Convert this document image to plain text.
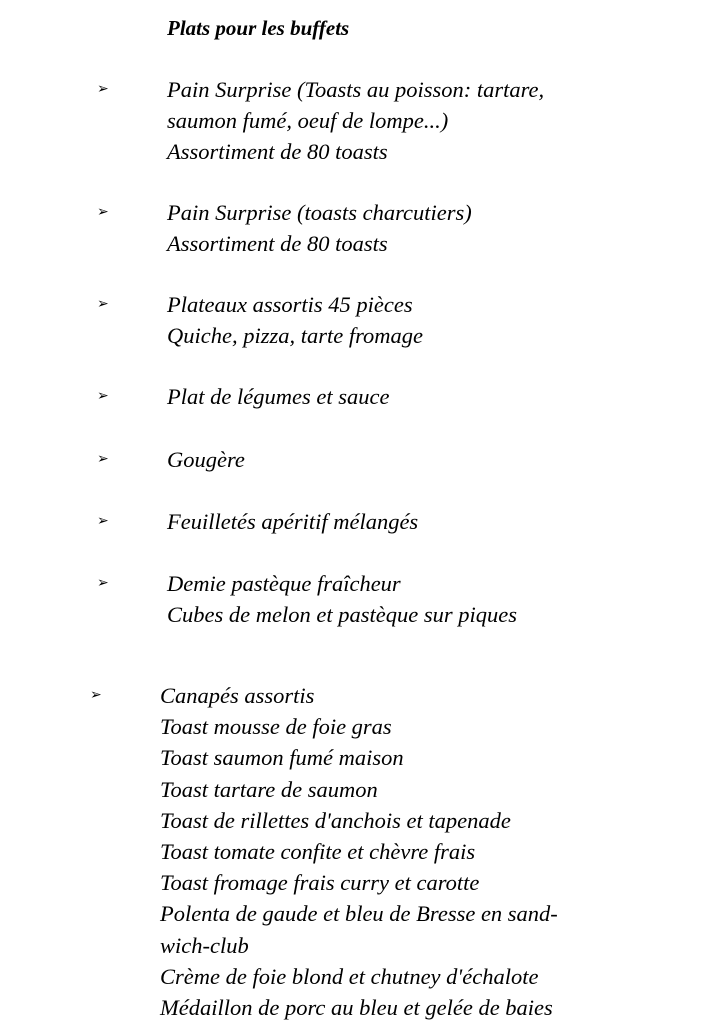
Plats pour les buffets
➢	Pain Surprise (Toasts au poisson: tartare,
saumon fumé, oeuf de lompe...)
Assortiment de 80 toasts
➢	Pain Surprise (toasts charcutiers)
Assortiment de 80 toasts
➢	Plateaux assortis 45 pièces
Quiche, pizza, tarte fromage
➢	Plat de légumes et sauce
➢	Gougère
➢	Feuilletés apéritif mélangés
➢	Demie pastèque fraîcheur
Cubes de melon et pastèque sur piques
➢	Canapés assortis
Toast mousse de foie gras
Toast saumon fumé maison
Toast tartare de saumon
Toast de rillettes d'anchois et tapenade
Toast tomate confite et chèvre frais
Toast fromage frais curry et carotte
Polenta de gaude et bleu de Bresse en sand-
wich-club
Crème de foie blond et chutney d'échalote
Médaillon de porc au bleu et gelée de baies
